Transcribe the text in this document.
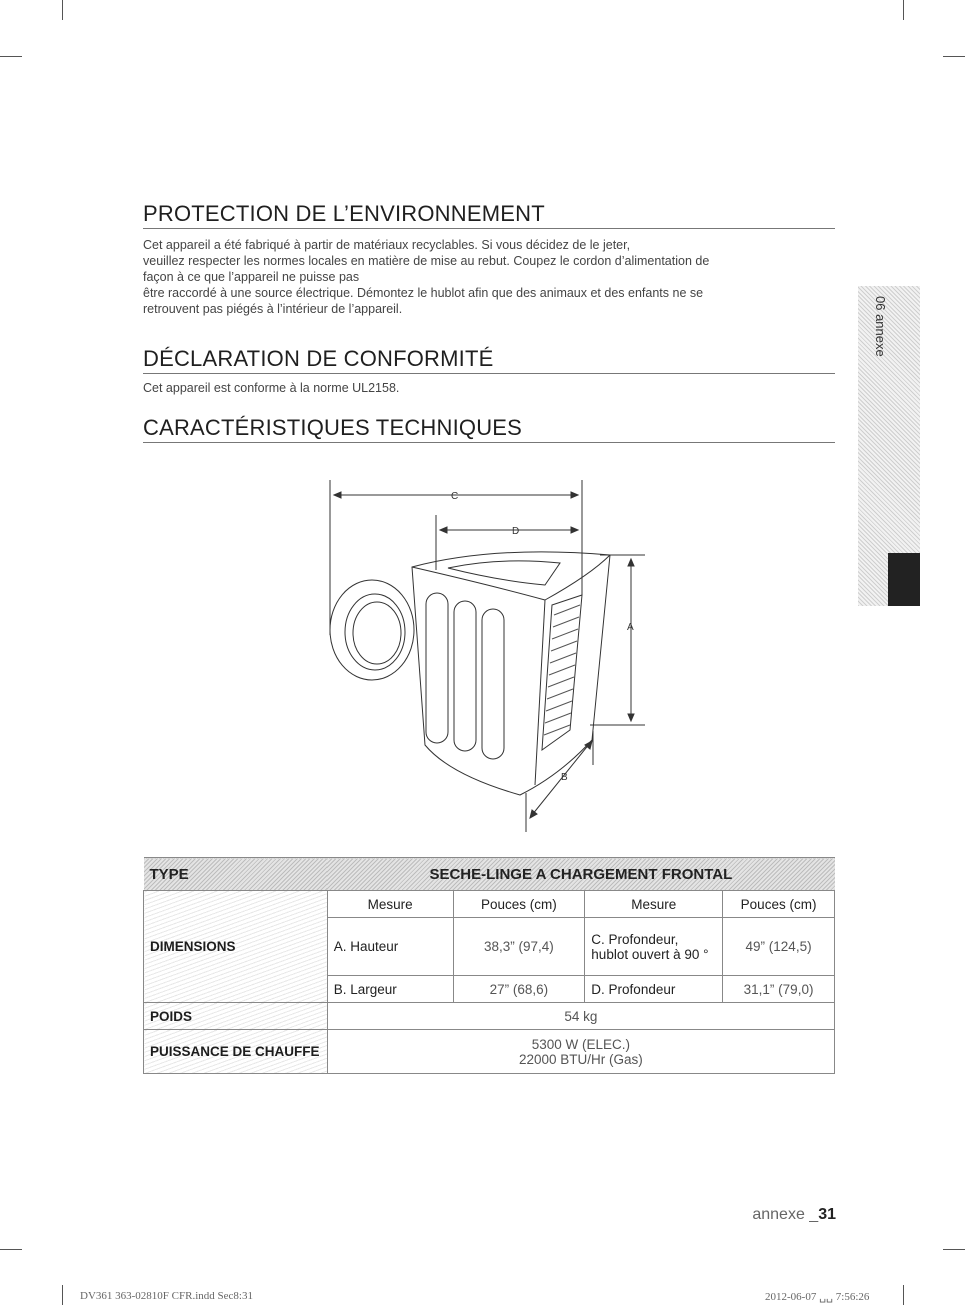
06 annexe
PROTECTION DE L’ENVIRONNEMENT
Cet appareil a été fabriqué à partir de matériaux recyclables. Si vous décidez de le jeter,
veuillez respecter les normes locales en matière de mise au rebut. Coupez le cordon d’alimentation de
façon à ce que l’appareil ne puisse pas
être raccordé à une source électrique. Démontez le hublot afin que des animaux et des enfants ne se
retrouvent pas piégés à l’intérieur de l’appareil.
DÉCLARATION DE CONFORMITÉ
Cet appareil est conforme à la norme UL2158.
CARACTÉRISTIQUES TECHNIQUES
C
D
A
B
TYPE	SECHE-LINGE A CHARGEMENT FRONTAL			
DIMENSIONS	Mesure	Pouces (cm)	Mesure	Pouces (cm)
	A. Hauteur	38,3” (97,4)	C. Profondeur, hublot ouvert à 90 °	49” (124,5)
	B. Largeur	27” (68,6)	D. Profondeur	31,1” (79,0)
POIDS	54 kg			
PUISSANCE DE CHAUFFE	5300 W (ELEC.)
22000 BTU/Hr (Gas)			
annexe _31
DV361 363-02810F CFR.indd Sec8:31	2012-06-07 ␣␣ 7:56:26
